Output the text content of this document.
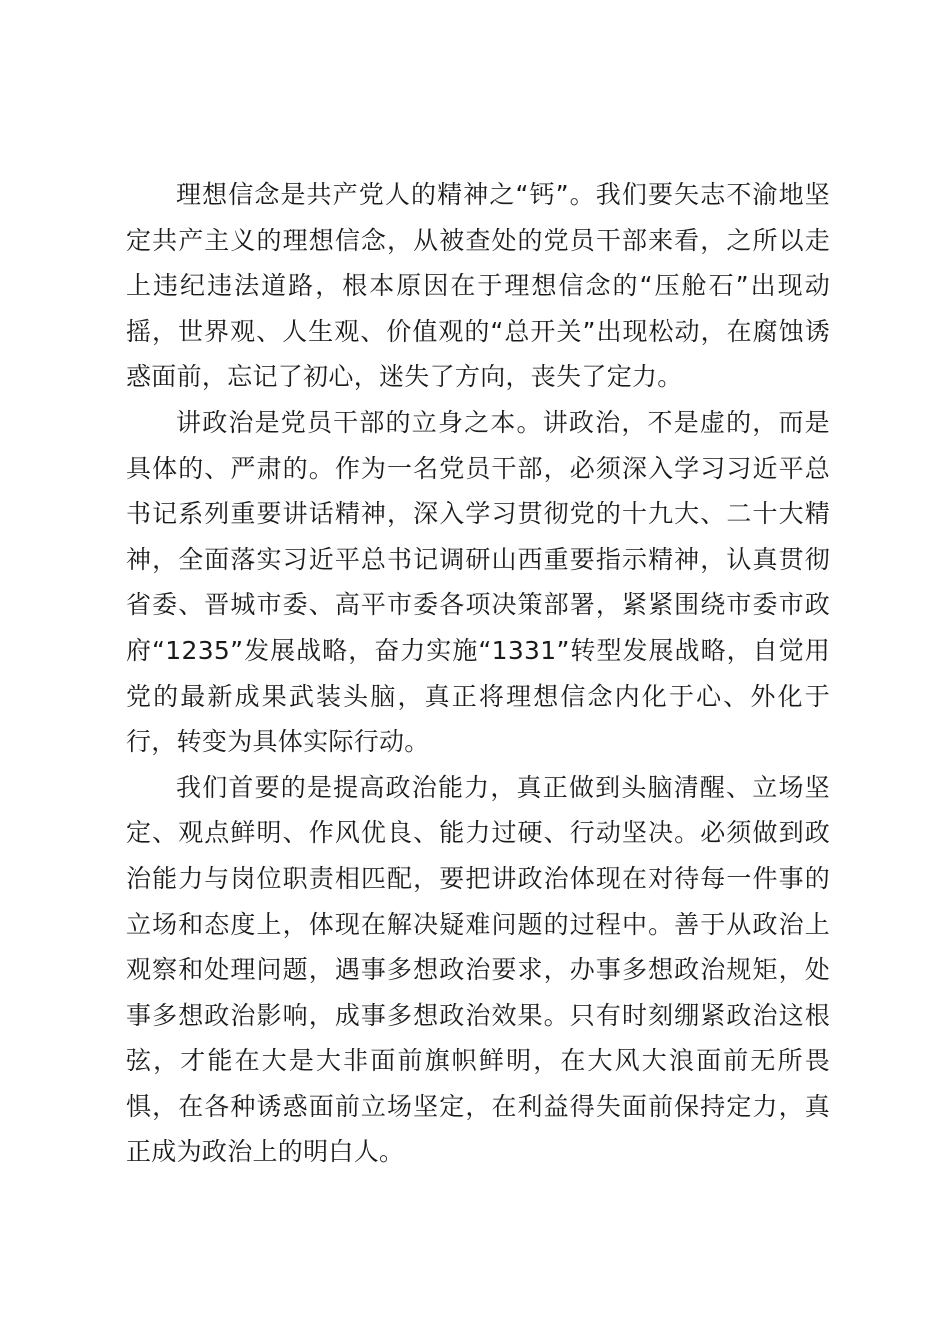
理想信念是共产党人的精神之“钙”。我们要矢志不渝地坚定共产主义的理想信念，从被查处的党员干部来看，之所以走上违纪违法道路，根本原因在于理想信念的“压舱石”出现动摇，世界观、人生观、价值观的“总开关”出现松动，在腐蚀诱惑面前，忘记了初心，迷失了方向，丧失了定力。

讲政治是党员干部的立身之本。讲政治，不是虚的，而是具体的、严肃的。作为一名党员干部，必须深入学习习近平总书记系列重要讲话精神，深入学习贯彻党的十九大、二十大精神，全面落实习近平总书记调研山西重要指示精神，认真贯彻省委、晋城市委、高平市委各项决策部署，紧紧围绕市委市政府“1235”发展战略，奋力实施“1331”转型发展战略，自觉用党的最新成果武装头脑，真正将理想信念内化于心、外化于行，转变为具体实际行动。

我们首要的是提高政治能力，真正做到头脑清醒、立场坚定、观点鲜明、作风优良、能力过硬、行动坚决。必须做到政治能力与岗位职责相匹配，要把讲政治体现在对待每一件事的立场和态度上，体现在解决疑难问题的过程中。善于从政治上观察和处理问题，遇事多想政治要求，办事多想政治规矩，处事多想政治影响，成事多想政治效果。只有时刻绷紧政治这根弦，才能在大是大非面前旗帜鲜明，在大风大浪面前无所畏惧，在各种诱惑面前立场坚定，在利益得失面前保持定力，真正成为政治上的明白人。
